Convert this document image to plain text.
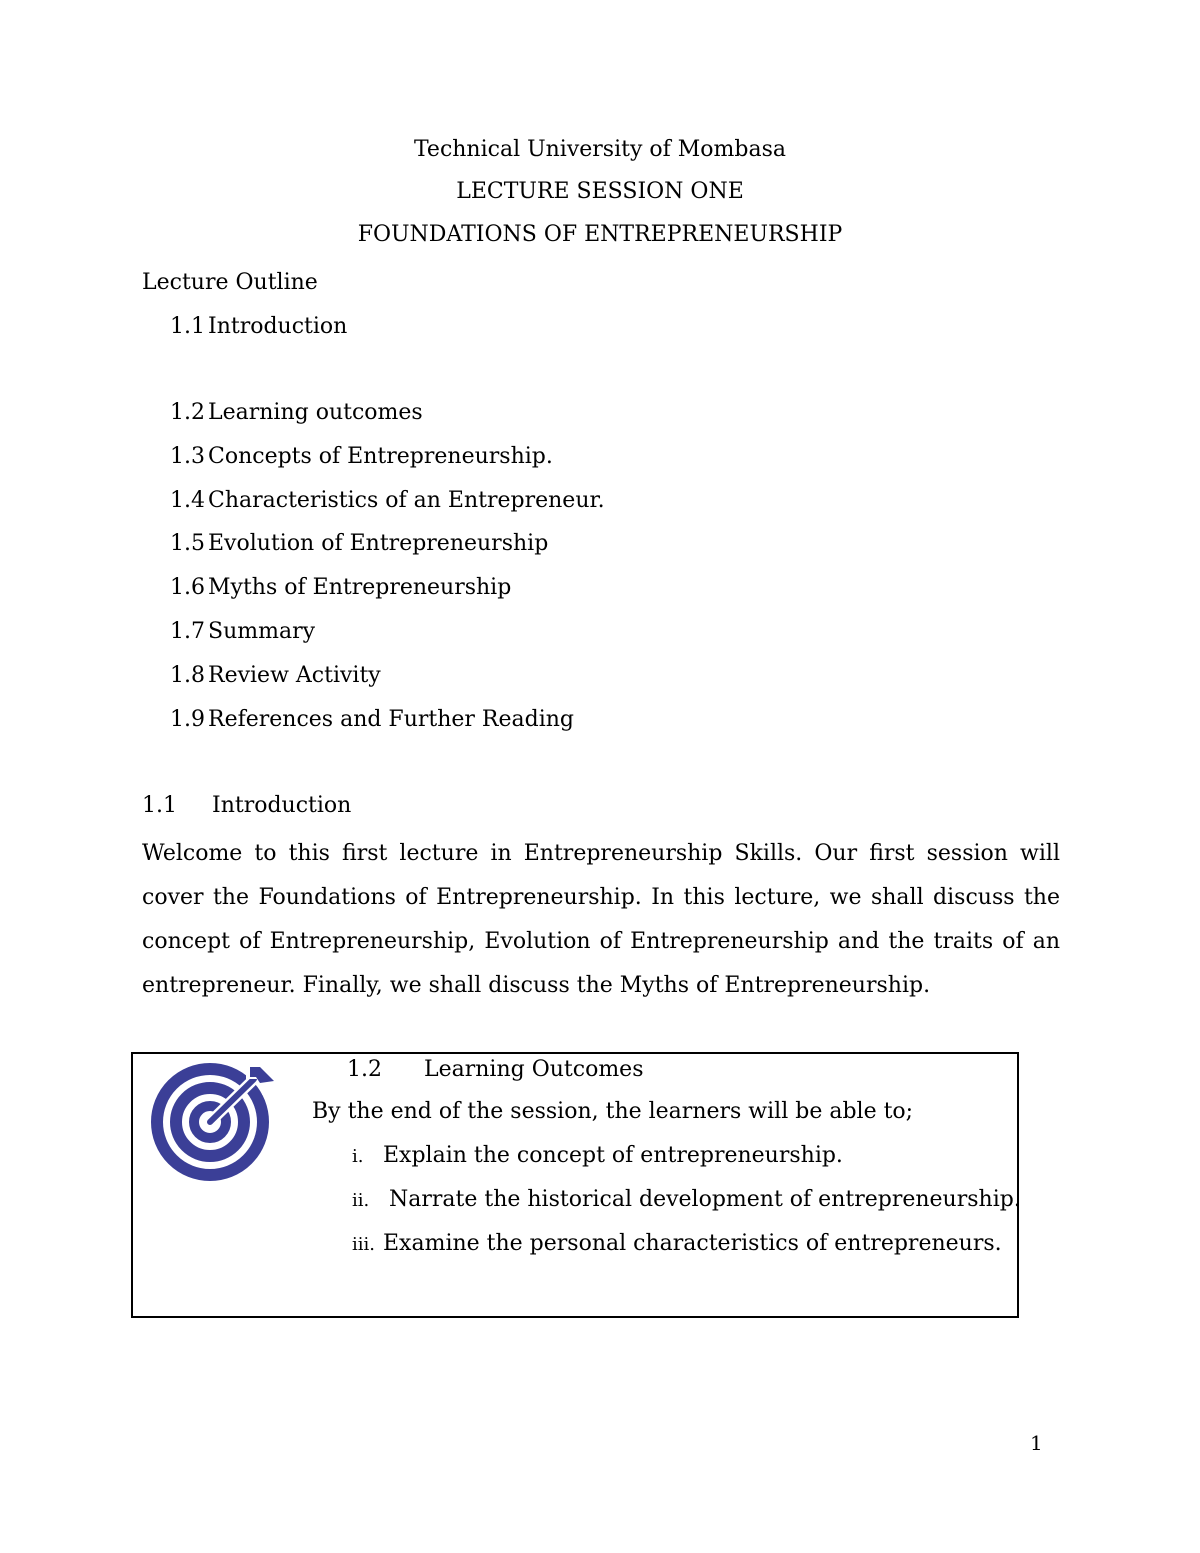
Technical University of Mombasa
LECTURE SESSION ONE
FOUNDATIONS OF ENTREPRENEURSHIP
Lecture Outline
1.1 Introduction
1.2 Learning outcomes
1.3 Concepts of Entrepreneurship.
1.4 Characteristics of an Entrepreneur.
1.5 Evolution of Entrepreneurship
1.6 Myths of Entrepreneurship
1.7 Summary
1.8 Review Activity
1.9 References and Further Reading
1.1 Introduction
Welcome to this first lecture in Entrepreneurship Skills. Our first session will cover the Foundations of Entrepreneurship. In this lecture, we shall discuss the concept of Entrepreneurship, Evolution of Entrepreneurship and the traits of an entrepreneur. Finally, we shall discuss the Myths of Entrepreneurship.
1.2 Learning Outcomes
By the end of the session, the learners will be able to;
i. Explain the concept of entrepreneurship.
ii. Narrate the historical development of entrepreneurship.
iii. Examine the personal characteristics of entrepreneurs.
1
